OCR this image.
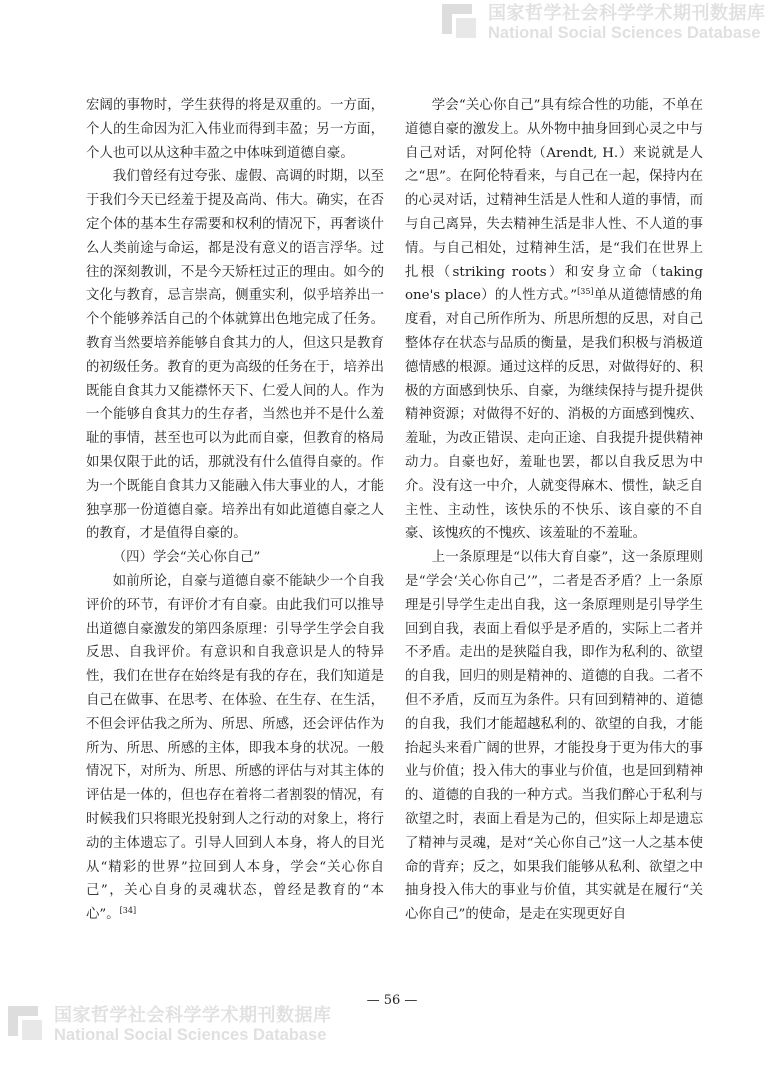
国家哲学社会科学学术期刊数据库
National Social Sciences Database

宏阔的事物时，学生获得的将是双重的。一方面，个人的生命因为汇入伟业而得到丰盈；另一方面，个人也可以从这种丰盈之中体味到道德自豪。

我们曾经有过夸张、虚假、高调的时期，以至于我们今天已经羞于提及高尚、伟大。确实，在否定个体的基本生存需要和权利的情况下，再奢谈什么人类前途与命运，都是没有意义的语言浮华。过往的深刻教训，不是今天矫枉过正的理由。如今的文化与教育，忌言崇高，侧重实利，似乎培养出一个个能够养活自己的个体就算出色地完成了任务。教育当然要培养能够自食其力的人，但这只是教育的初级任务。教育的更为高级的任务在于，培养出既能自食其力又能襟怀天下、仁爱人间的人。作为一个能够自食其力的生存者，当然也并不是什么羞耻的事情，甚至也可以为此而自豪，但教育的格局如果仅限于此的话，那就没有什么值得自豪的。作为一个既能自食其力又能融入伟大事业的人，才能独享那一份道德自豪。培养出有如此道德自豪之人的教育，才是值得自豪的。

（四）学会“关心你自己”

如前所论，自豪与道德自豪不能缺少一个自我评价的环节，有评价才有自豪。由此我们可以推导出道德自豪激发的第四条原理：引导学生学会自我反思、自我评价。有意识和自我意识是人的特异性，我们在世存在始终是有我的存在，我们知道是自己在做事、在思考、在体验、在生存、在生活，不但会评估我之所为、所思、所感，还会评估作为所为、所思、所感的主体，即我本身的状况。一般情况下，对所为、所思、所感的评估与对其主体的评估是一体的，但也存在着将二者割裂的情况，有时候我们只将眼光投射到人之行动的对象上，将行动的主体遗忘了。引导人回到人本身，将人的目光从“精彩的世界”拉回到人本身，学会“关心你自己”，关心自身的灵魂状态，曾经是教育的“本心”。[34]

学会“关心你自己”具有综合性的功能，不单在道德自豪的激发上。从外物中抽身回到心灵之中与自己对话，对阿伦特（Arendt, H.）来说就是人之“思”。在阿伦特看来，与自己在一起，保持内在的心灵对话，过精神生活是人性和人道的事情，而与自己离异，失去精神生活是非人性、不人道的事情。与自己相处，过精神生活，是“我们在世界上扎根（striking roots）和安身立命（taking one's place）的人性方式。”[35]单从道德情感的角度看，对自己所作所为、所思所想的反思，对自己整体存在状态与品质的衡量，是我们积极与消极道德情感的根源。通过这样的反思，对做得好的、积极的方面感到快乐、自豪，为继续保持与提升提供精神资源；对做得不好的、消极的方面感到愧疚、羞耻，为改正错误、走向正途、自我提升提供精神动力。自豪也好，羞耻也罢，都以自我反思为中介。没有这一中介，人就变得麻木、惯性，缺乏自主性、主动性，该快乐的不快乐、该自豪的不自豪、该愧疚的不愧疚、该羞耻的不羞耻。

上一条原理是“以伟大育自豪”，这一条原理则是“学会‘关心你自己’”，二者是否矛盾？上一条原理是引导学生走出自我，这一条原理则是引导学生回到自我，表面上看似乎是矛盾的，实际上二者并不矛盾。走出的是狭隘自我，即作为私利的、欲望的自我，回归的则是精神的、道德的自我。二者不但不矛盾，反而互为条件。只有回到精神的、道德的自我，我们才能超越私利的、欲望的自我，才能抬起头来看广阔的世界，才能投身于更为伟大的事业与价值；投入伟大的事业与价值，也是回到精神的、道德的自我的一种方式。当我们醉心于私利与欲望之时，表面上看是为己的，但实际上却是遗忘了精神与灵魂，是对“关心你自己”这一人之基本使命的背弃；反之，如果我们能够从私利、欲望之中抽身投入伟大的事业与价值，其实就是在履行“关心你自己”的使命，是走在实现更好自

— 56 —
国家哲学社会科学学术期刊数据库
National Social Sciences Database
